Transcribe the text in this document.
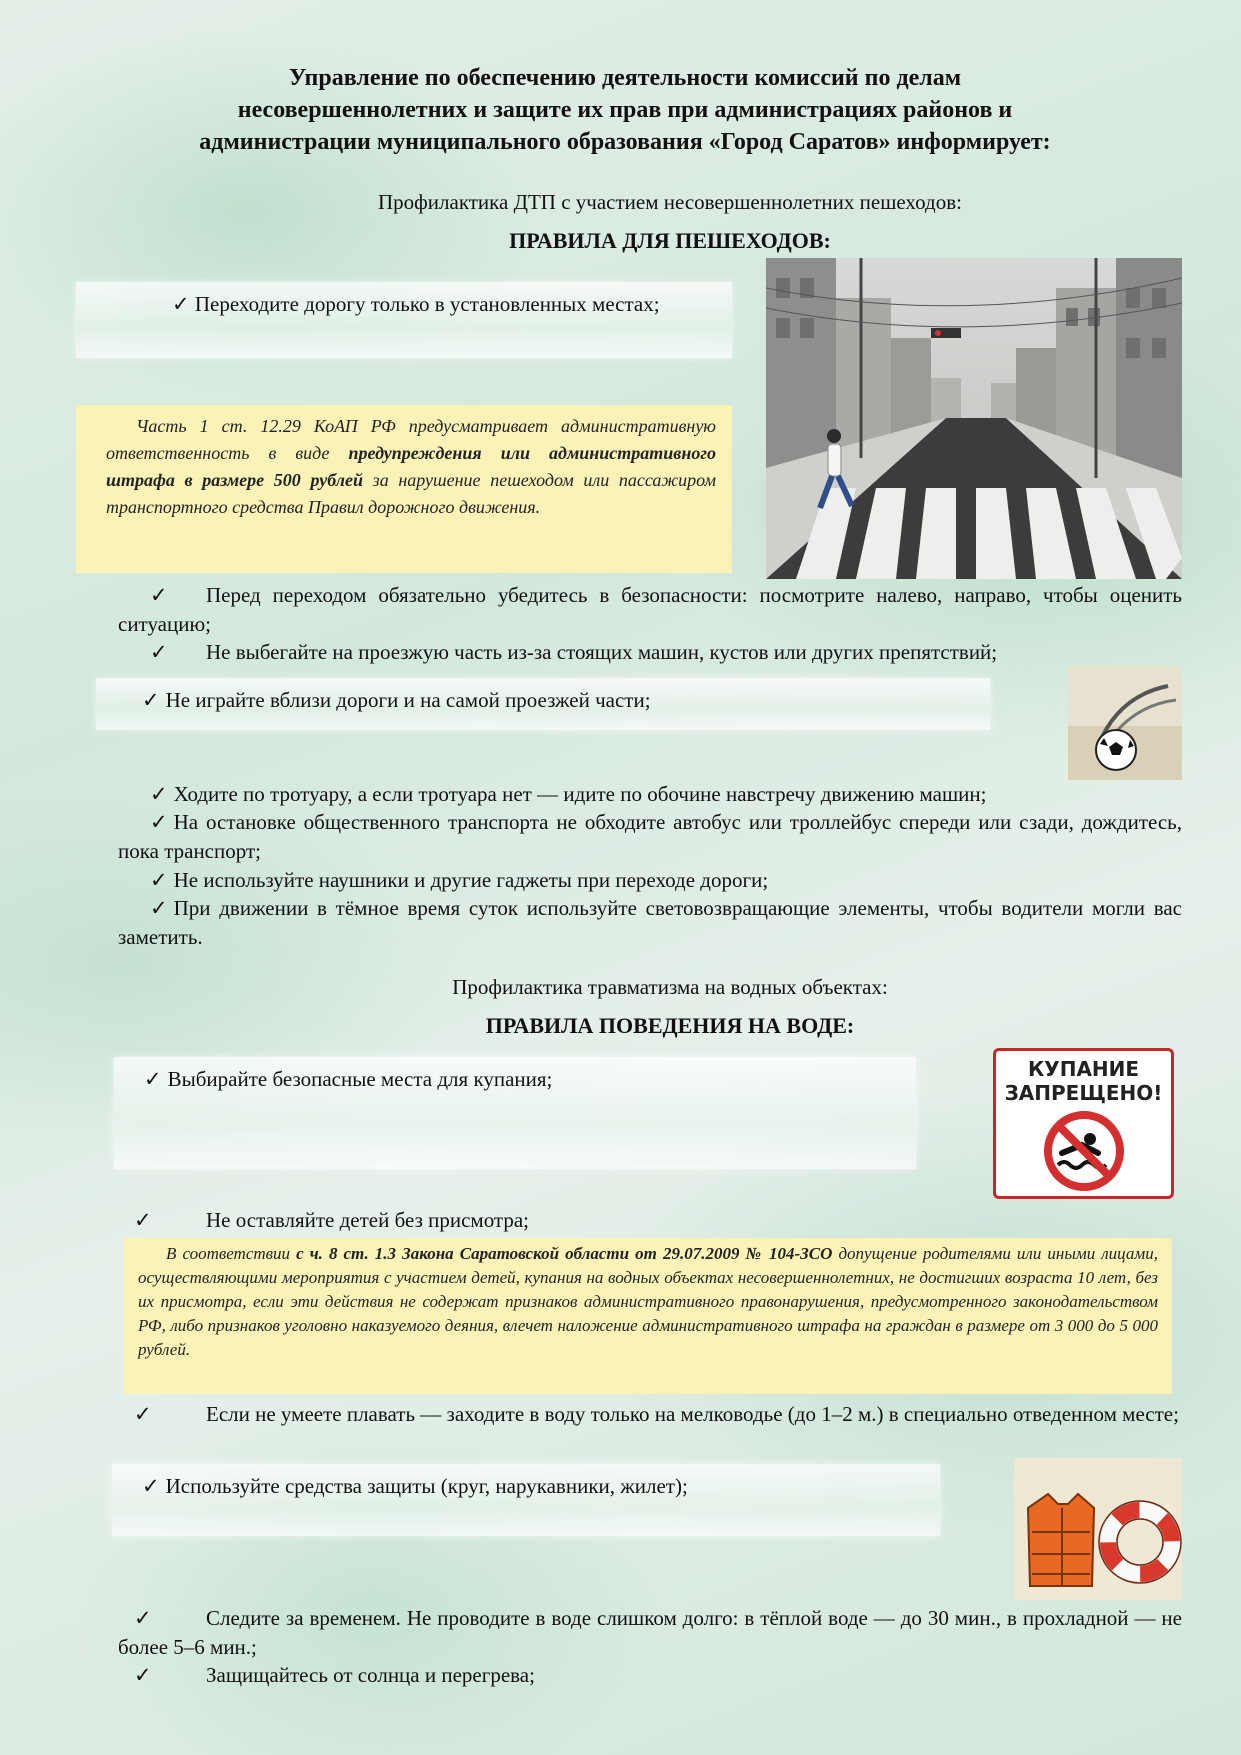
Управление по обеспечению деятельности комиссий по делам
несовершеннолетних и защите их прав при администрациях районов и
администрации муниципального образования «Город Саратов» информирует:
Профилактика ДТП с участием несовершеннолетних пешеходов:
ПРАВИЛА ДЛЯ ПЕШЕХОДОВ:
✓ Переходите дорогу только в установленных местах;
Часть 1 ст. 12.29 КоАП РФ предусматривает административную ответственность в виде предупреждения или административного штрафа в размере 500 рублей за нарушение пешеходом или пассажиром транспортного средства Правил дорожного движения.
✓ Перед переходом обязательно убедитесь в безопасности: посмотрите налево, направо, чтобы оценить ситуацию;
✓ Не выбегайте на проезжую часть из-за стоящих машин, кустов или других препятствий;
✓ Не играйте вблизи дороги и на самой проезжей части;
✓ Ходите по тротуару, а если тротуара нет — идите по обочине навстречу движению машин;
✓ На остановке общественного транспорта не обходите автобус или троллейбус спереди или сзади, дождитесь, пока транспорт;
✓ Не используйте наушники и другие гаджеты при переходе дороги;
✓ При движении в тёмное время суток используйте световозвращающие элементы, чтобы водители могли вас заметить.
Профилактика травматизма на водных объектах:
ПРАВИЛА ПОВЕДЕНИЯ НА ВОДЕ:
✓ Выбирайте безопасные места для купания;	КУПАНИЕ
ЗАПРЕЩЕНО!
✓	Не оставляйте детей без присмотра;
В соответствии с ч. 8 ст. 1.3 Закона Саратовской области от 29.07.2009 № 104-ЗСО допущение родителями или иными лицами, осуществляющими мероприятия с участием детей, купания на водных объектах несовершеннолетних, не достигших возраста 10 лет, без их присмотра, если эти действия не содержат признаков административного правонарушения, предусмотренного законодательством РФ, либо признаков уголовно наказуемого деяния, влечет наложение административного штрафа на граждан в размере от 3 000 до 5 000 рублей.
✓	Если не умеете плавать — заходите в воду только на мелководье (до 1–2 м.) в специально отведенном месте;
✓ Используйте средства защиты (круг, нарукавники, жилет);
✓	Следите за временем. Не проводите в воде слишком долго: в тёплой воде — до 30 мин., в прохладной — не более 5–6 мин.;
✓	Защищайтесь от солнца и перегрева;
